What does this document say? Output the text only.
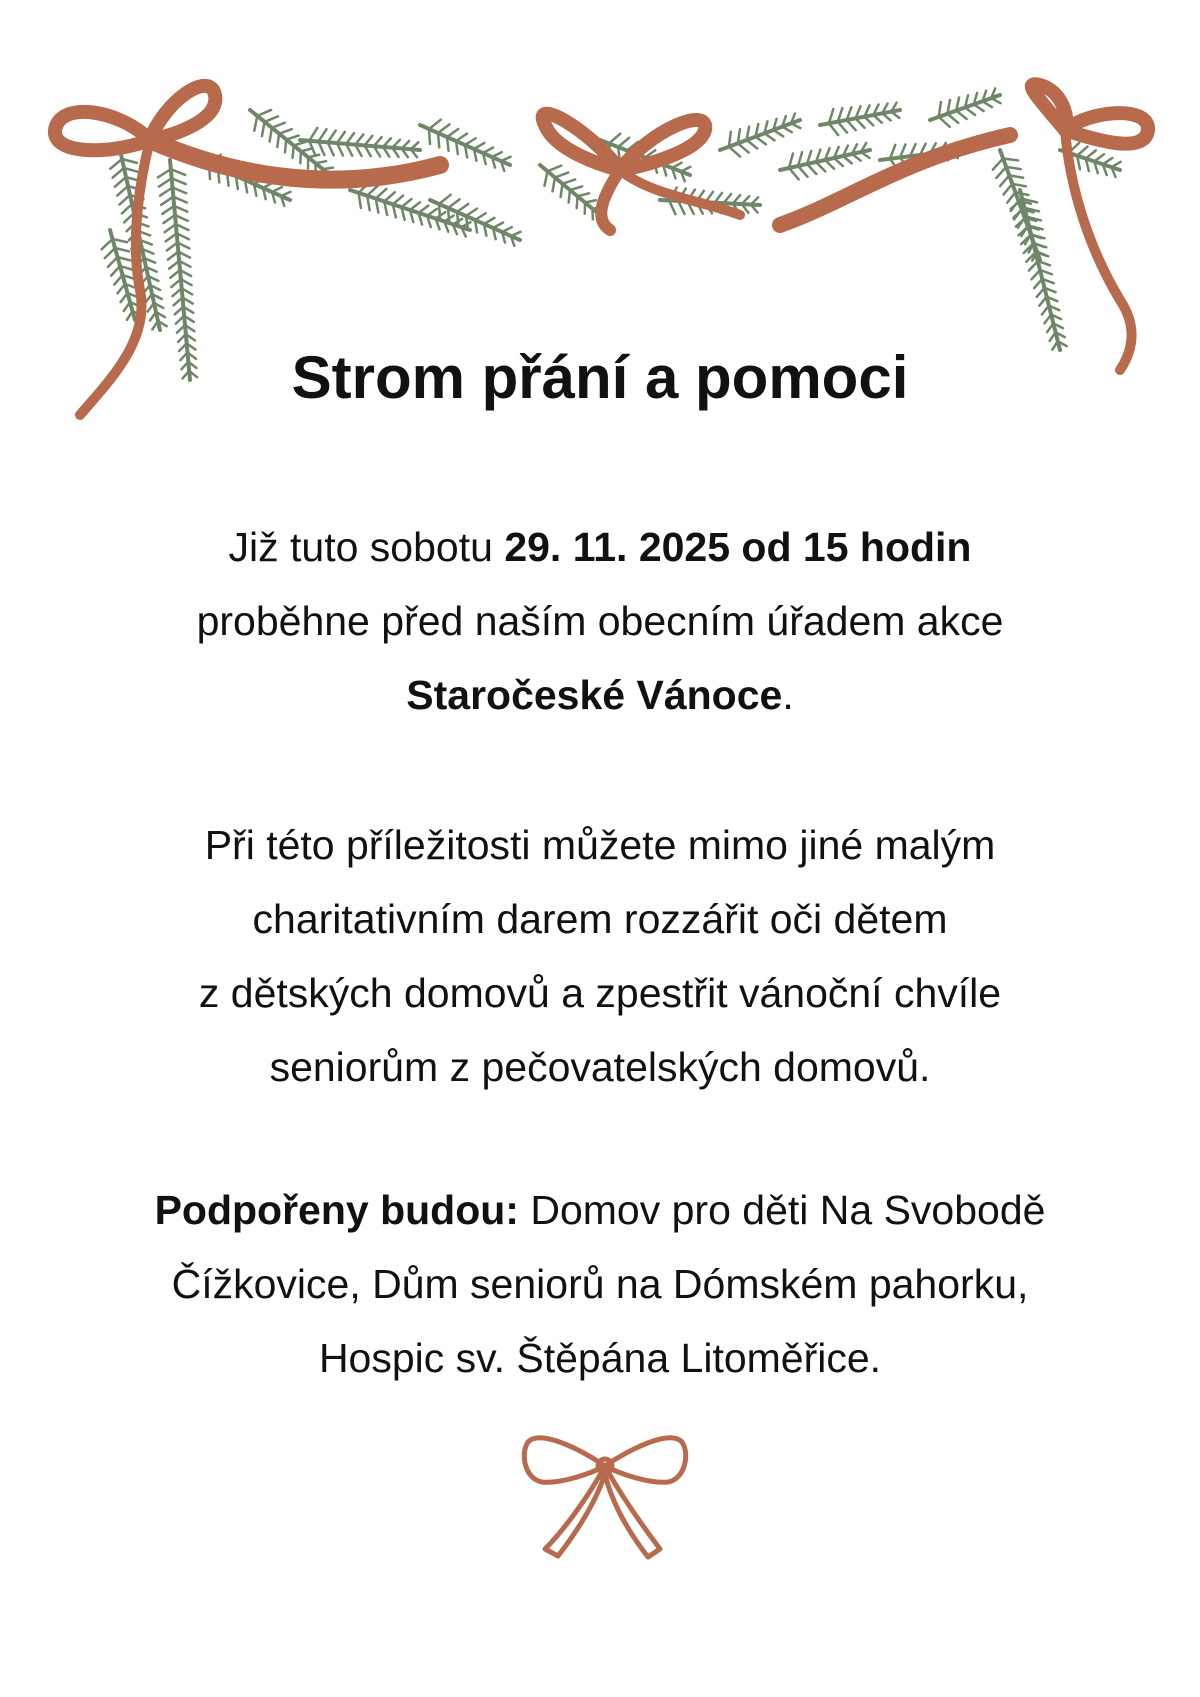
Strom přání a pomoci
Již tuto sobotu 29. 11. 2025 od 15 hodin
proběhne před naším obecním úřadem akce
Staročeské Vánoce.
Při této příležitosti můžete mimo jiné malým
charitativním darem rozzářit oči dětem
z dětských domovů a zpestřit vánoční chvíle
seniorům z pečovatelských domovů.
Podpořeny budou: Domov pro děti Na Svobodě
Čížkovice, Dům seniorů na Dómském pahorku,
Hospic sv. Štěpána Litoměřice.
